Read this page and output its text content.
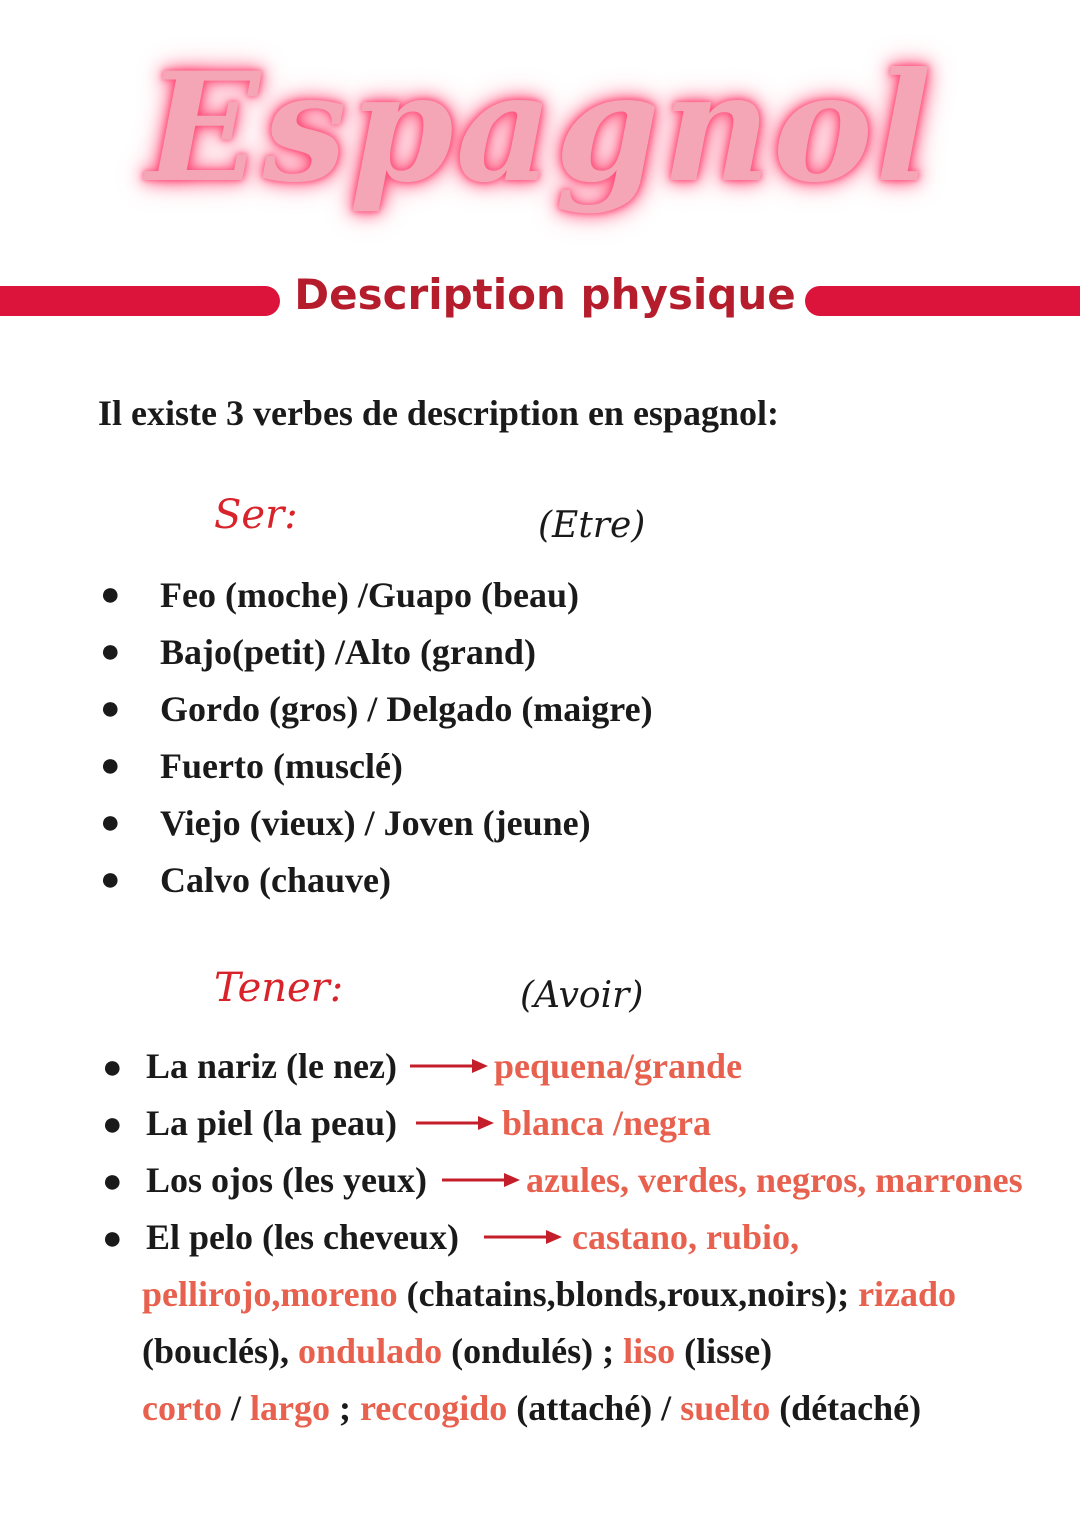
Espagnol
Description physique
Il existe 3 verbes de description en espagnol:
Ser:	(Etre)
●	Feo (moche) /Guapo (beau)
●	Bajo(petit) /Alto (grand)
●	Gordo (gros) / Delgado (maigre)
●	Fuerto (musclé)
●	Viejo (vieux) / Joven (jeune)
●	Calvo (chauve)
Tener:	(Avoir)
● La nariz (le nez)	pequena/grande
● La piel (la peau)	blanca /negra
● Los ojos (les yeux)	azules, verdes, negros, marrones
● El pelo (les cheveux)	castano, rubio,
pellirojo,moreno (chatains,blonds,roux,noirs); rizado
(bouclés), ondulado (ondulés) ; liso (lisse)
corto / largo ; reccogido (attaché) / suelto (détaché)
